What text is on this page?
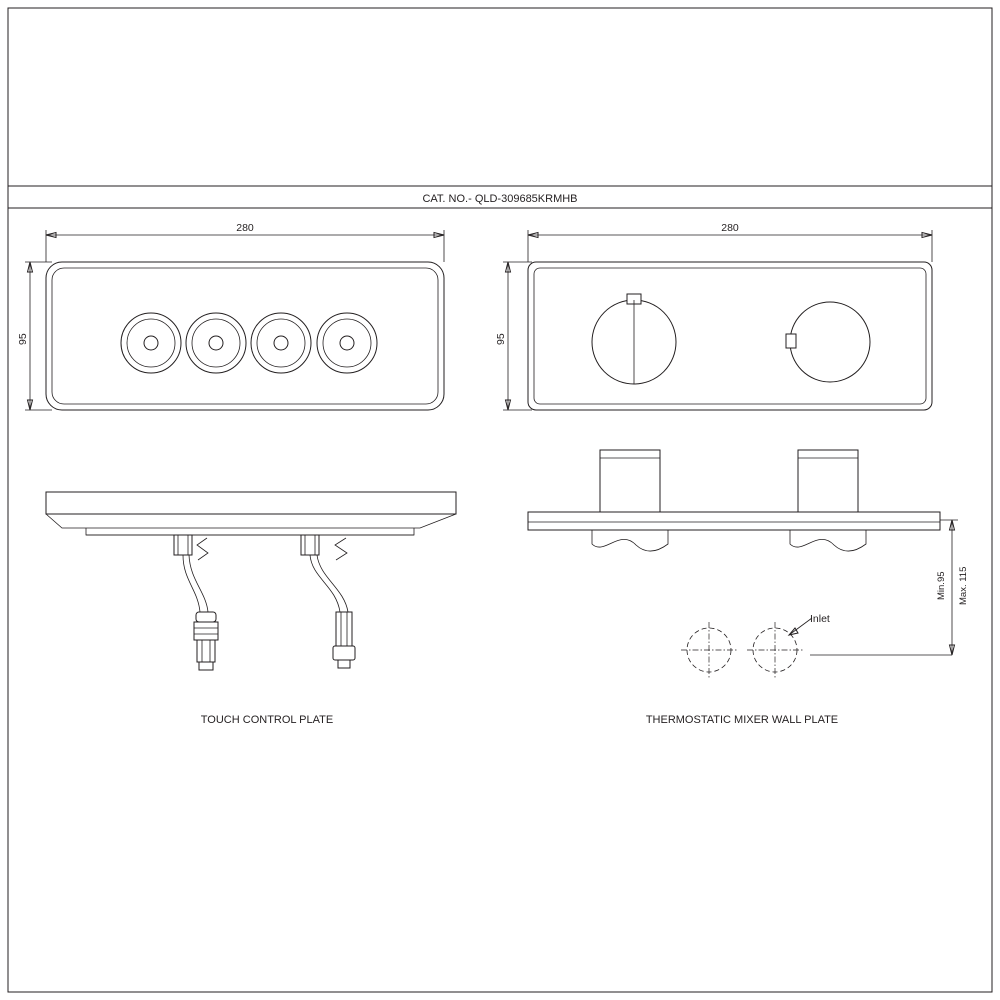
TOUCH CONTROL PLATE
Min.95 Max. 115
Inlet
THERMOSTATIC MIXER WALL PLATE
280	280
95	95
CAT. NO.- QLD-309685KRMHB
